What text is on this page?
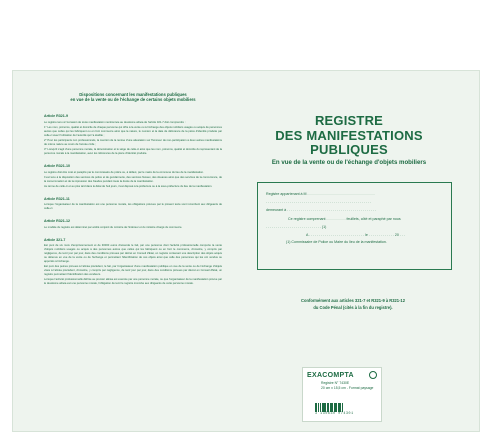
Dispositions concernant les manifestations publiques
en vue de la vente ou de l'échange de certains objets mobiliers
Article R321-9

Le registre tenu à l'occasion de toute manifestation mentionnée au deuxième alinéa de l'article 321-7 doit comprendre :

1° Les nom, prénoms, qualité et domicile de chaque personne qui offre à la vente ou à l'échange des objets mobiliers usagés ou acquis de personnes autres que celles qui les fabriquent ou en font commerce ainsi que la nature, le numéro et la date de délivrance de la pièce d'identité produite par celle-ci avec l'indication de l'autorité qui l'a établie ;

2° Pour les participants non professionnels, la mention de la remise d'une attestation sur l'honneur de non-participation à deux autres manifestations de même nature au cours de l'année civile ;

3° Lorsqu'il s'agit d'une personne morale, la dénomination et le siège de celle-ci ainsi que les nom, prénoms, qualité et domicile du représentant de la personne morale à la manifestation, avec les références de la pièce d'identité produite.

Article R321-10

Le registre doit être coté et paraphé par le commissaire de police ou, à défaut, par le maire de la commune du lieu de la manifestation.

Il est tenu à la disposition des services de police et de gendarmerie, des services fiscaux, des douanes ainsi que des services de la concurrence, de la consommation et de la répression des fraudes pendant toute la durée de la manifestation.

Au terme de celle-ci et au plus tard dans le délai de huit jours, il est déposé à la préfecture ou à la sous-préfecture du lieu de la manifestation.

Article R321-11

Lorsque l'organisateur de la manifestation est une personne morale, les obligations prévues par le présent texte sont incombent aux dirigeants de celle-ci.

Article R321-12

Le modèle du registre est déterminé par arrêté conjoint du ministre de l'intérieur et du ministre chargé du commerce.

Article 321-7

Est puni de six mois d'emprisonnement et de 30000 euros d'amende le fait, par une personne dont l'activité professionnelle comporte la vente d'objets mobiliers usagés ou acquis à des personnes autres que celles qui les fabriquent ou en font le commerce, d'omettre, y compris par négligence, de tenir jour par jour, dans des conditions prévues par décret en Conseil d'Etat, un registre contenant une description des objets acquis ou détenus en vue de la vente ou de l'échange et permettant l'identification de ces objets ainsi que celle des personnes qui les ont vendus ou apportés à l'échange.

Est puni des peines prévues à l'alinéa précédent, le fait, par l'organisateur d'une manifestation publique en vue de la vente ou de l'échange d'objets visés à l'alinéa précédent, d'omettre, y compris par négligence, de tenir jour par jour, dans des conditions prévues par décret en Conseil d'Etat, un registre permettant l'identification des vendeurs.

Lorsque l'activité professionnelle définie au premier alinéa est exercée par une personne morale, ou que l'organisateur de la manifestation prévue par le deuxième alinéa est une personne morale, l'obligation de tenir le registre incombe aux dirigeants de cette personne morale.

REGISTRE
DES MANIFESTATIONS PUBLIQUES
En vue de la vente ou de l'échange d'objets mobiliers
Registre appartenant à M . . . . . . . . . . . . . . . . . . . . . . . . . . . . . . . . . .
. . . . . . . . . . . . . . . . . . . . . . . . . . . . . . . . . . . . . . . . . . . . . . . . . . . . .
demeurant à . . . . . . . . . . . . . . . . . . . . . . . . . . . . . . . . . . . . . . . . . . . . .
Ce registre comprenant . . . . . . . . . . feuillets, côté et paraphé par nous
. . . . . . . . . . . . . . . . . . . . . . . . . . . . (1)
A . . . . . . . . . . . . . . . . . . . . . . . . . . . . le . . . . . . . . . . . . . 20 . . .
(1) Commissaire de Police ou Maire du lieu de la manifestation.
Conformément aux articles 321-7 et R321-9 à R321-12
du Code Pénal (cités à la fin du registre).
EXACOMPTA
Registre N° 7430E
20 cm x 15,5 cm - Format paysage
3 130630 074301
